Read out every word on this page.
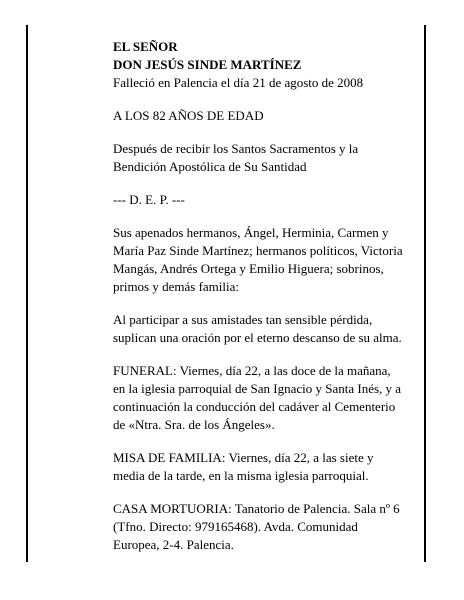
EL SEÑOR

DON JESÚS SINDE MARTÍNEZ

Falleció en Palencia el día 21 de agosto de 2008

A LOS 82 AÑOS DE EDAD

Después de recibir los Santos Sacramentos y la

Bendición Apostólica de Su Santidad

--- D. E. P. ---

Sus apenados hermanos, Ángel, Herminia, Carmen y

María Paz Sinde Martínez; hermanos políticos, Victoria

Mangás, Andrés Ortega y Emilio Higuera; sobrinos,

primos y demás familia:

Al participar a sus amistades tan sensible pérdida,

suplican una oración por el eterno descanso de su alma.

FUNERAL: Viernes, día 22, a las doce de la mañana,

en la iglesia parroquial de San Ignacio y Santa Inés, y a

continuación la conducción del cadáver al Cementerio

de «Ntra. Sra. de los Ángeles».

MISA DE FAMILIA: Viernes, día 22, a las siete y

media de la tarde, en la misma iglesia parroquial.

CASA MORTUORIA: Tanatorio de Palencia. Sala nº 6

(Tfno. Directo: 979165468). Avda. Comunidad

Europea, 2-4. Palencia.
